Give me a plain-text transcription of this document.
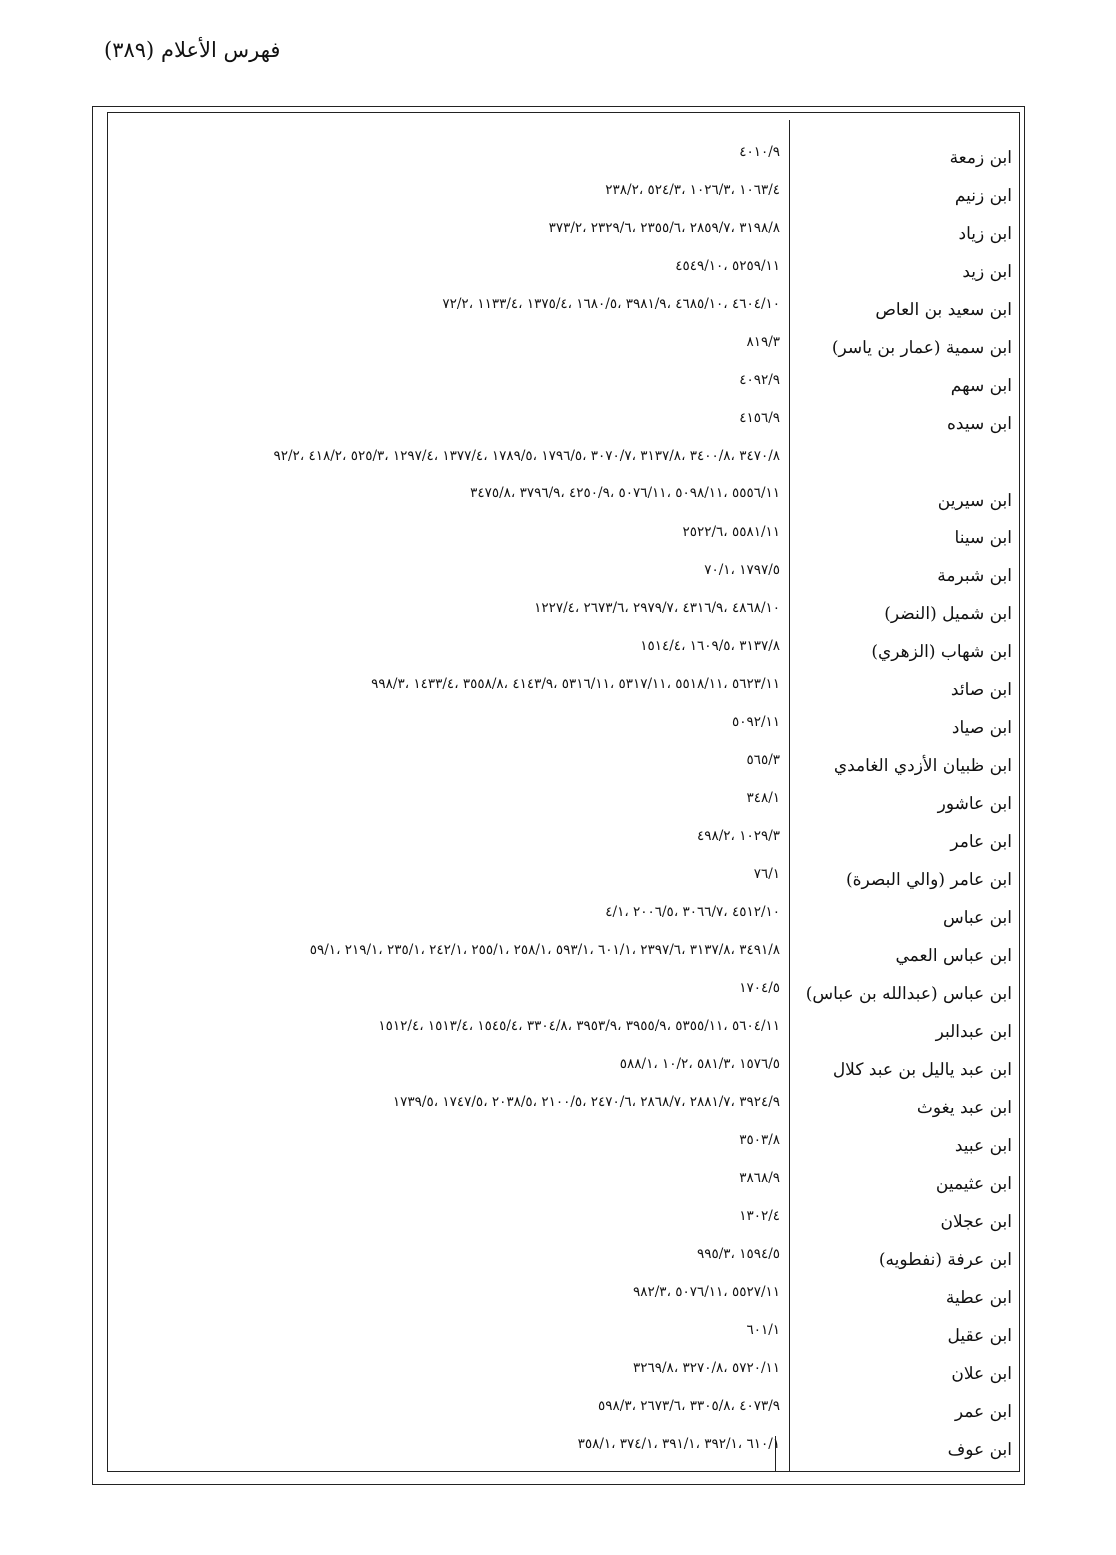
فهرس الأعلام (٣٨٩)
ابن زمعة
٤٠١٠/٩
ابن زنيم
١٠٦٣/٤ ،١٠٢٦/٣ ،٥٢٤/٣ ،٢٣٨/٢
ابن زياد
٣١٩٨/٨ ،٢٨٥٩/٧ ،٢٣٥٥/٦ ،٢٣٢٩/٦ ،٣٧٣/٢
ابن زيد
٥٢٥٩/١١ ،٤٥٤٩/١٠
ابن سعيد بن العاص
٤٦٠٤/١٠ ،٤٦٨٥/١٠ ،٣٩٨١/٩ ،١٦٨٠/٥ ،١٣٧٥/٤ ،١١٣٣/٤ ،٧٢/٢
ابن سمية (عمار بن ياسر)
٨١٩/٣
ابن سهم
٤٠٩٢/٩
ابن سيده
٤١٥٦/٩
٣٤٧٠/٨ ،٣٤٠٠/٨ ،٣١٣٧/٨ ،٣٠٧٠/٧ ،١٧٩٦/٥ ،١٧٨٩/٥ ،١٣٧٧/٤ ،١٢٩٧/٤ ،٥٢٥/٣ ،٤١٨/٢ ،٩٢/٢
٥٥٥٦/١١ ،٥٠٩٨/١١ ،٥٠٧٦/١١ ،٤٢٥٠/٩ ،٣٧٩٦/٩ ،٣٤٧٥/٨	ابن سيرين
ابن سينا
٥٥٨١/١١ ،٢٥٢٢/٦
ابن شبرمة
١٧٩٧/٥ ،٧٠/١
ابن شميل (النضر)
٤٨٦٨/١٠ ،٤٣١٦/٩ ،٢٩٧٩/٧ ،٢٦٧٣/٦ ،١٢٢٧/٤
ابن شهاب (الزهري)
٣١٣٧/٨ ،١٦٠٩/٥ ،١٥١٤/٤
ابن صائد
٥٦٢٣/١١ ،٥٥١٨/١١ ،٥٣١٧/١١ ،٥٣١٦/١١ ،٤١٤٣/٩ ،٣٥٥٨/٨ ،١٤٣٣/٤ ،٩٩٨/٣
ابن صياد
٥٠٩٢/١١
ابن ظبيان الأزدي الغامدي
٥٦٥/٣
ابن عاشور
٣٤٨/١
ابن عامر
١٠٢٩/٣ ،٤٩٨/٢
ابن عامر (والي البصرة)
٧٦/١
ابن عباس
٤٥١٢/١٠ ،٣٠٦٦/٧ ،٢٠٠٦/٥ ،٤/١
ابن عباس العمي
٣٤٩١/٨ ،٣١٣٧/٨ ،٢٣٩٧/٦ ،٦٠١/١ ،٥٩٣/١ ،٢٥٨/١ ،٢٥٥/١ ،٢٤٢/١ ،٢٣٥/١ ،٢١٩/١ ،٥٩/١
ابن عباس (عبدالله بن عباس)
١٧٠٤/٥
ابن عبدالبر
٥٦٠٤/١١ ،٥٣٥٥/١١ ،٣٩٥٥/٩ ،٣٩٥٣/٩ ،٣٣٠٤/٨ ،١٥٤٥/٤ ،١٥١٣/٤ ،١٥١٢/٤
ابن عبد ياليل بن عبد كلال
١٥٧٦/٥ ،٥٨١/٣ ،١٠/٢ ،٥٨٨/١
ابن عبد يغوث
٣٩٢٤/٩ ،٢٨٨١/٧ ،٢٨٦٨/٧ ،٢٤٧٠/٦ ،٢١٠٠/٥ ،٢٠٣٨/٥ ،١٧٤٧/٥ ،١٧٣٩/٥
ابن عبيد
٣٥٠٣/٨
ابن عثيمين
٣٨٦٨/٩
ابن عجلان
١٣٠٢/٤
ابن عرفة (نفطويه)
١٥٩٤/٥ ،٩٩٥/٣
ابن عطية
٥٥٢٧/١١ ،٥٠٧٦/١١ ،٩٨٢/٣
ابن عقيل
٦٠١/١
ابن علان
٥٧٢٠/١١ ،٣٢٧٠/٨ ،٣٢٦٩/٨
ابن عمر
٤٠٧٣/٩ ،٣٣٠٥/٨ ،٢٦٧٣/٦ ،٥٩٨/٣
ابن عوف
٦١٠/١ ،٣٩٢/١ ،٣٩١/١ ،٣٧٤/١ ،٣٥٨/١
